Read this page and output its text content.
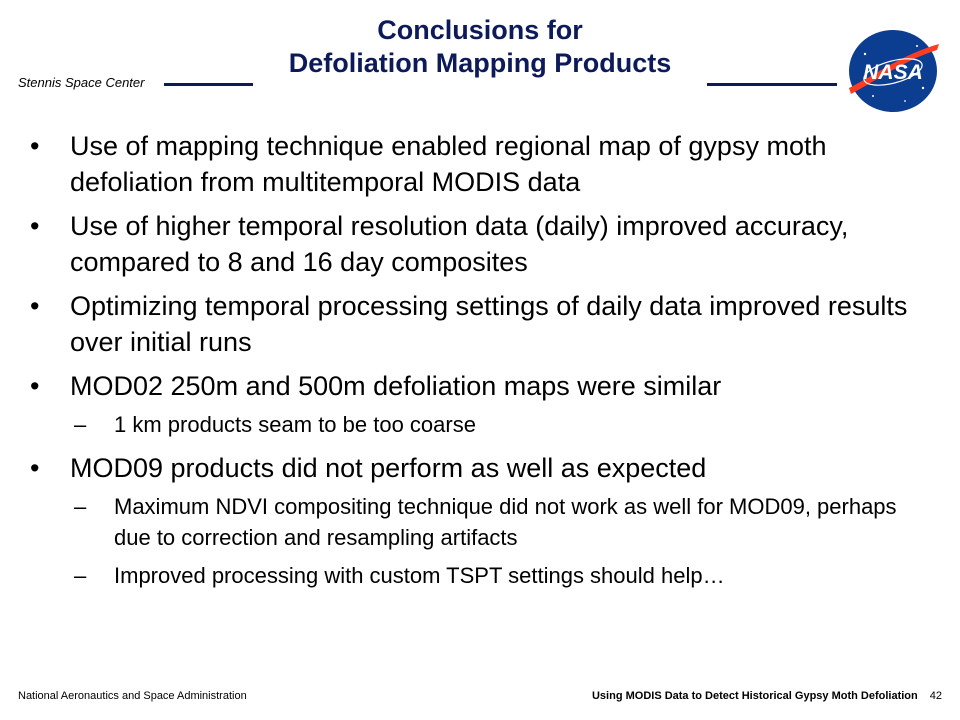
Stennis Space Center
Conclusions for
Defoliation Mapping Products	NASA
• Use of mapping technique enabled regional map of gypsy moth defoliation from multitemporal MODIS data
• Use of higher temporal resolution data (daily) improved accuracy, compared to 8 and 16 day composites
• Optimizing temporal processing settings of daily data improved results over initial runs
• MOD02 250m and 500m defoliation maps were similar
– 1 km products seam to be too coarse
• MOD09 products did not perform as well as expected
– Maximum NDVI compositing technique did not work as well for MOD09, perhaps due to correction and resampling artifacts
– Improved processing with custom TSPT settings should help…
National Aeronautics and Space Administration	Using MODIS Data to Detect Historical Gypsy Moth Defoliation 42
